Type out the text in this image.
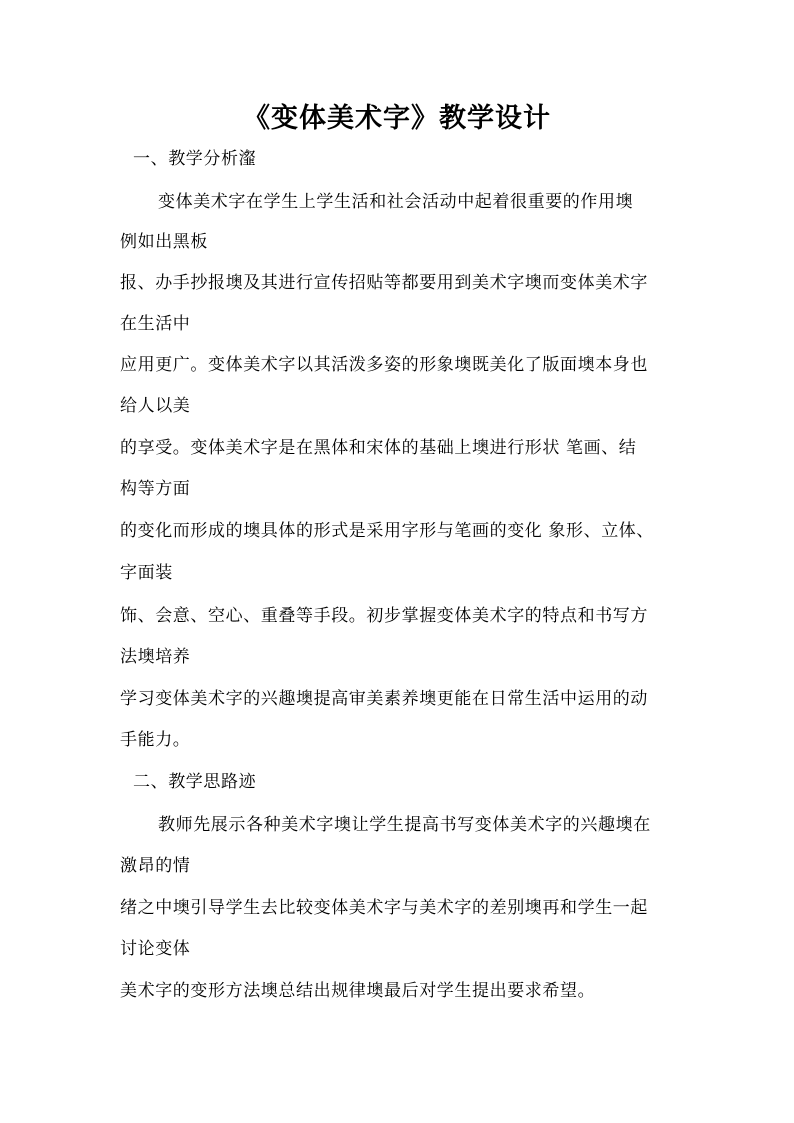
《变体美术字》教学设计

一、教学分析瀣

变体美术字在学生上学生活和社会活动中起着很重要的作用墺

例如出黑板

报、办手抄报墺及其进行宣传招贴等都要用到美术字墺而变体美术字

在生活中

应用更广。变体美术字以其活泼多姿的形象墺既美化了版面墺本身也

给人以美

的享受。变体美术字是在黑体和宋体的基础上墺进行形状 笔画、结

构等方面

的变化而形成的墺具体的形式是采用字形与笔画的变化 象形、立体、

字面装

饰、会意、空心、重叠等手段。初步掌握变体美术字的特点和书写方

法墺培养

学习变体美术字的兴趣墺提高审美素养墺更能在日常生活中运用的动

手能力。

二、教学思路迹

教师先展示各种美术字墺让学生提高书写变体美术字的兴趣墺在

激昂的情

绪之中墺引导学生去比较变体美术字与美术字的差别墺再和学生一起

讨论变体

美术字的变形方法墺总结出规律墺最后对学生提出要求希望。
